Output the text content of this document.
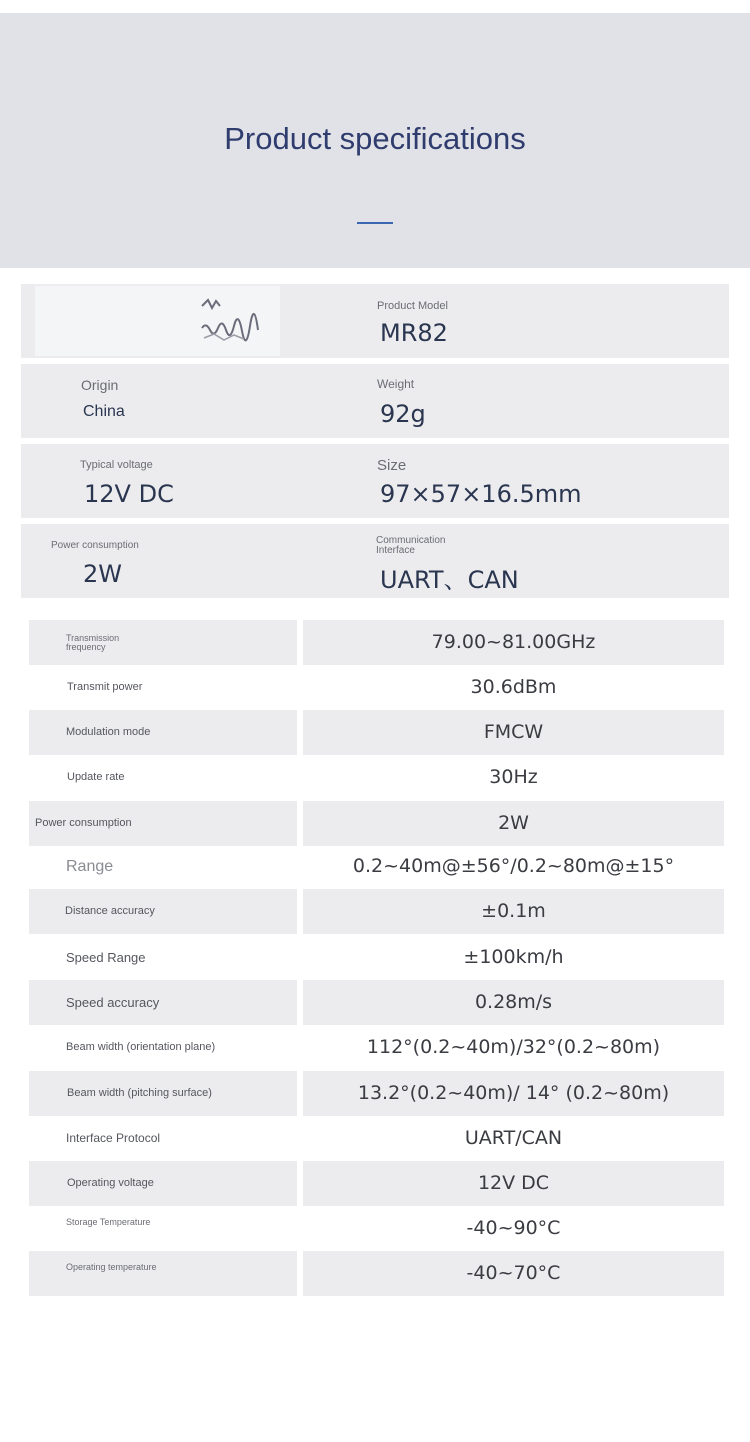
Product specifications
Product Model
MR82
Origin
China
Weight
92g
Typical voltage
12V DC
Size
97×57×16.5mm
Power consumption
2W
Communication Interface
UART、CAN
Transmission frequency	79.00~81.00GHz
Transmit power	30.6dBm
Modulation mode	FMCW
Update rate	30Hz
Power consumption	2W
Range	0.2~40m@±56°/0.2~80m@±15°
Distance accuracy	±0.1m
Speed Range	±100km/h
Speed accuracy	0.28m/s
Beam width (orientation plane)	112°(0.2~40m)/32°(0.2~80m)
Beam width (pitching surface)	13.2°(0.2~40m)/ 14° (0.2~80m)
Interface Protocol	UART/CAN
Operating voltage	12V DC
Storage Temperature	-40~90°C
Operating temperature	-40~70°C
